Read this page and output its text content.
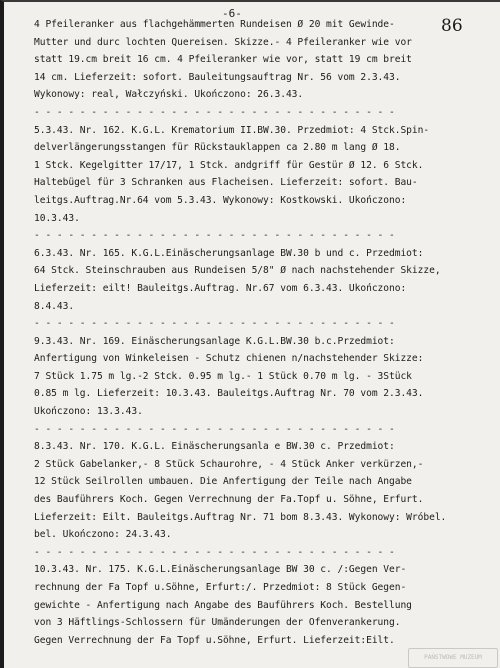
-6-
86
4 Pfeileranker aus flachgehämmerten Rundeisen Ø 20 mit Gewinde-
Mutter und durc lochten Quereisen. Skizze.- 4 Pfeileranker wie vor
statt 19.cm breit 16 cm. 4 Pfeileranker wie vor, statt 19 cm breit
14 cm. Lieferzeit: sofort. Bauleitungsauftrag Nr. 56 vom 2.3.43.
Wykonowy: real, Wałczyński. Ukończono: 26.3.43.
- - - - - - - - - - - - - - - - - - - - - - - - - - - - - - - -
5.3.43. Nr. 162. K.G.L. Krematorium II.BW.30. Przedmiot: 4 Stck.Spin-
delverlängerungsstangen für Rückstauklappen ca 2.80 m lang Ø 18.
1 Stck. Kegelgitter 17/17, 1 Stck. andgriff für Gestür Ø 12. 6 Stck.
Haltebügel für 3 Schranken aus Flacheisen. Lieferzeit: sofort. Bau-
leitgs.Auftrag.Nr.64 vom 5.3.43. Wykonowy: Kostkowski. Ukończono:
10.3.43.
- - - - - - - - - - - - - - - - - - - - - - - - - - - - - - - -
6.3.43. Nr. 165. K.G.L.Einäscherungsanlage BW.30 b und c. Przedmiot:
64 Stck. Steinschrauben aus Rundeisen 5/8" Ø nach nachstehender Skizze,
Lieferzeit: eilt! Bauleitgs.Auftrag. Nr.67 vom 6.3.43. Ukończono:
8.4.43.
- - - - - - - - - - - - - - - - - - - - - - - - - - - - - - - -
9.3.43. Nr. 169. Einäscherungsanlage K.G.L.BW.30 b.c.Przedmiot:
Anfertigung von Winkeleisen - Schutz chienen n/nachstehender Skizze:
7 Stück 1.75 m lg.-2 Stck. 0.95 m lg.- 1 Stück 0.70 m lg. - 3Stück
0.85 m lg. Lieferzeit: 10.3.43. Bauleitgs.Auftrag Nr. 70 vom 2.3.43.
Ukończono: 13.3.43.
- - - - - - - - - - - - - - - - - - - - - - - - - - - - - - - -
8.3.43. Nr. 170. K.G.L. Einäscherungsanla e BW.30 c. Przedmiot:
2 Stück Gabelanker,- 8 Stück Schaurohre, - 4 Stück Anker verkürzen,-
12 Stück Seilrollen umbauen. Die Anfertigung der Teile nach Angabe
des Bauführers Koch. Gegen Verrechnung der Fa.Topf u. Söhne, Erfurt.
Lieferzeit: Eilt. Bauleitgs.Auftrag Nr. 71 bom 8.3.43. Wykonowy: Wróbel.
bel. Ukończono: 24.3.43.
- - - - - - - - - - - - - - - - - - - - - - - - - - - - - - - -
10.3.43. Nr. 175. K.G.L.Einäscherungsanlage BW 30 c. /:Gegen Ver-
rechnung der Fa Topf u.Söhne, Erfurt:/. Przedmiot: 8 Stück Gegen-
gewichte - Anfertigung nach Angabe des Bauführers Koch. Bestellung
von 3 Häftlings-Schlossern für Umänderungen der Ofenverankerung.
Gegen Verrechnung der Fa Topf u.Söhne, Erfurt. Lieferzeit:Eilt.
PAŃSTWOWE MUZEUM
